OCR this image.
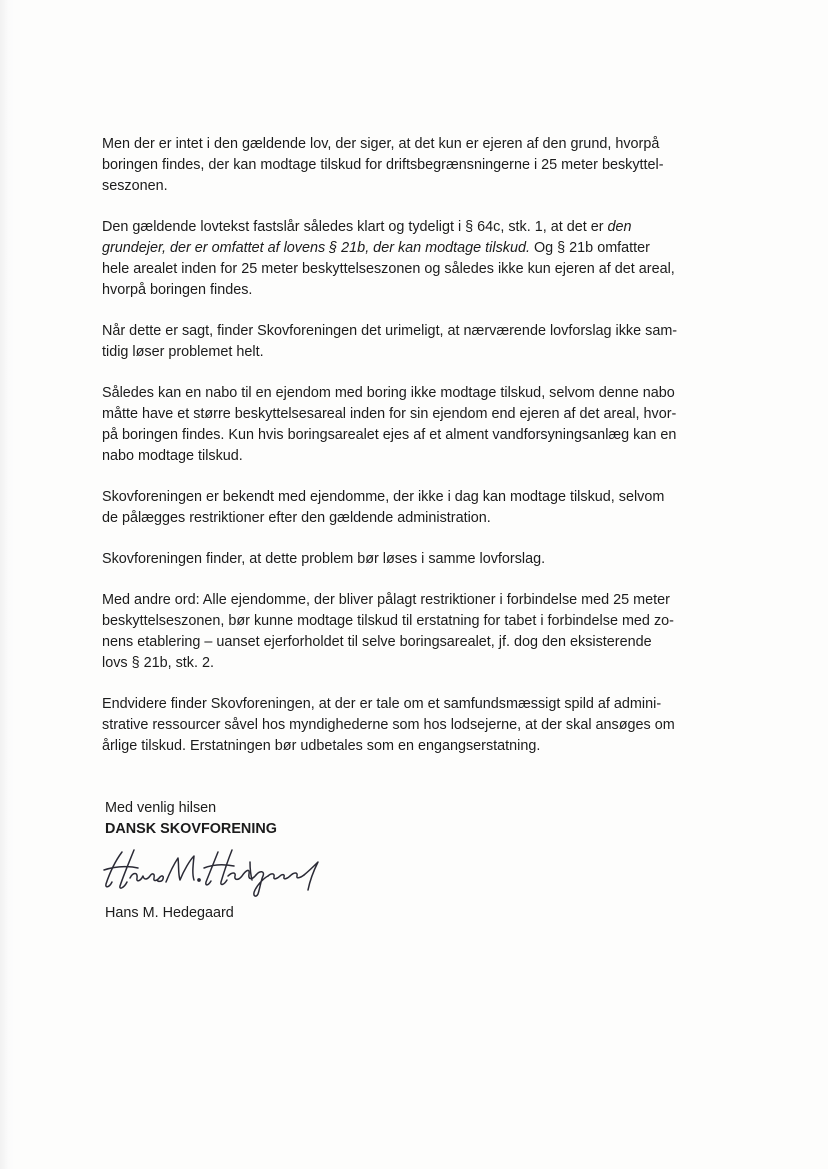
Men der er intet i den gældende lov, der siger, at det kun er ejeren af den grund, hvorpå
boringen findes, der kan modtage tilskud for driftsbegrænsningerne i 25 meter beskyttel-
seszonen.
Den gældende lovtekst fastslår således klart og tydeligt i § 64c, stk. 1, at det er den
grundejer, der er omfattet af lovens § 21b, der kan modtage tilskud. Og § 21b omfatter
hele arealet inden for 25 meter beskyttelseszonen og således ikke kun ejeren af det areal,
hvorpå boringen findes.
Når dette er sagt, finder Skovforeningen det urimeligt, at nærværende lovforslag ikke sam-
tidig løser problemet helt.
Således kan en nabo til en ejendom med boring ikke modtage tilskud, selvom denne nabo
måtte have et større beskyttelsesareal inden for sin ejendom end ejeren af det areal, hvor-
på boringen findes. Kun hvis boringsarealet ejes af et alment vandforsyningsanlæg kan en
nabo modtage tilskud.
Skovforeningen er bekendt med ejendomme, der ikke i dag kan modtage tilskud, selvom
de pålægges restriktioner efter den gældende administration.
Skovforeningen finder, at dette problem bør løses i samme lovforslag.
Med andre ord: Alle ejendomme, der bliver pålagt restriktioner i forbindelse med 25 meter
beskyttelseszonen, bør kunne modtage tilskud til erstatning for tabet i forbindelse med zo-
nens etablering – uanset ejerforholdet til selve boringsarealet, jf. dog den eksisterende
lovs § 21b, stk. 2.
Endvidere finder Skovforeningen, at der er tale om et samfundsmæssigt spild af admini-
strative ressourcer såvel hos myndighederne som hos lodsejerne, at der skal ansøges om
årlige tilskud. Erstatningen bør udbetales som en engangserstatning.
Med venlig hilsen
DANSK SKOVFORENING
Hans M. Hedegaard
